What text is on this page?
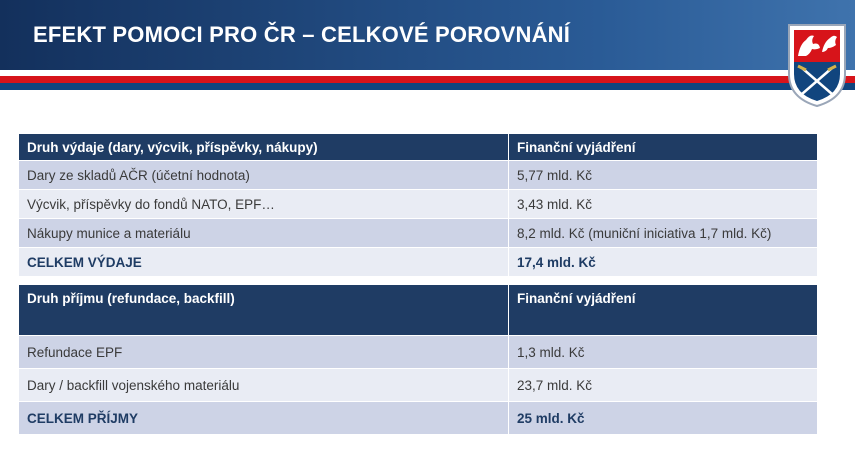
EFEKT POMOCI PRO ČR – CELKOVÉ POROVNÁNÍ
Druh výdaje (dary, výcvik, příspěvky, nákupy)	Finanční vyjádření
Dary ze skladů AČR (účetní hodnota)	5,77 mld. Kč
Výcvik, příspěvky do fondů NATO, EPF…	3,43 mld. Kč
Nákupy munice a materiálu	8,2 mld. Kč (muniční iniciativa 1,7 mld. Kč)
CELKEM VÝDAJE	17,4 mld. Kč
Druh příjmu (refundace, backfill)	Finanční vyjádření
Refundace EPF	1,3 mld. Kč
Dary / backfill vojenského materiálu	23,7 mld. Kč
CELKEM PŘÍJMY	25 mld. Kč
